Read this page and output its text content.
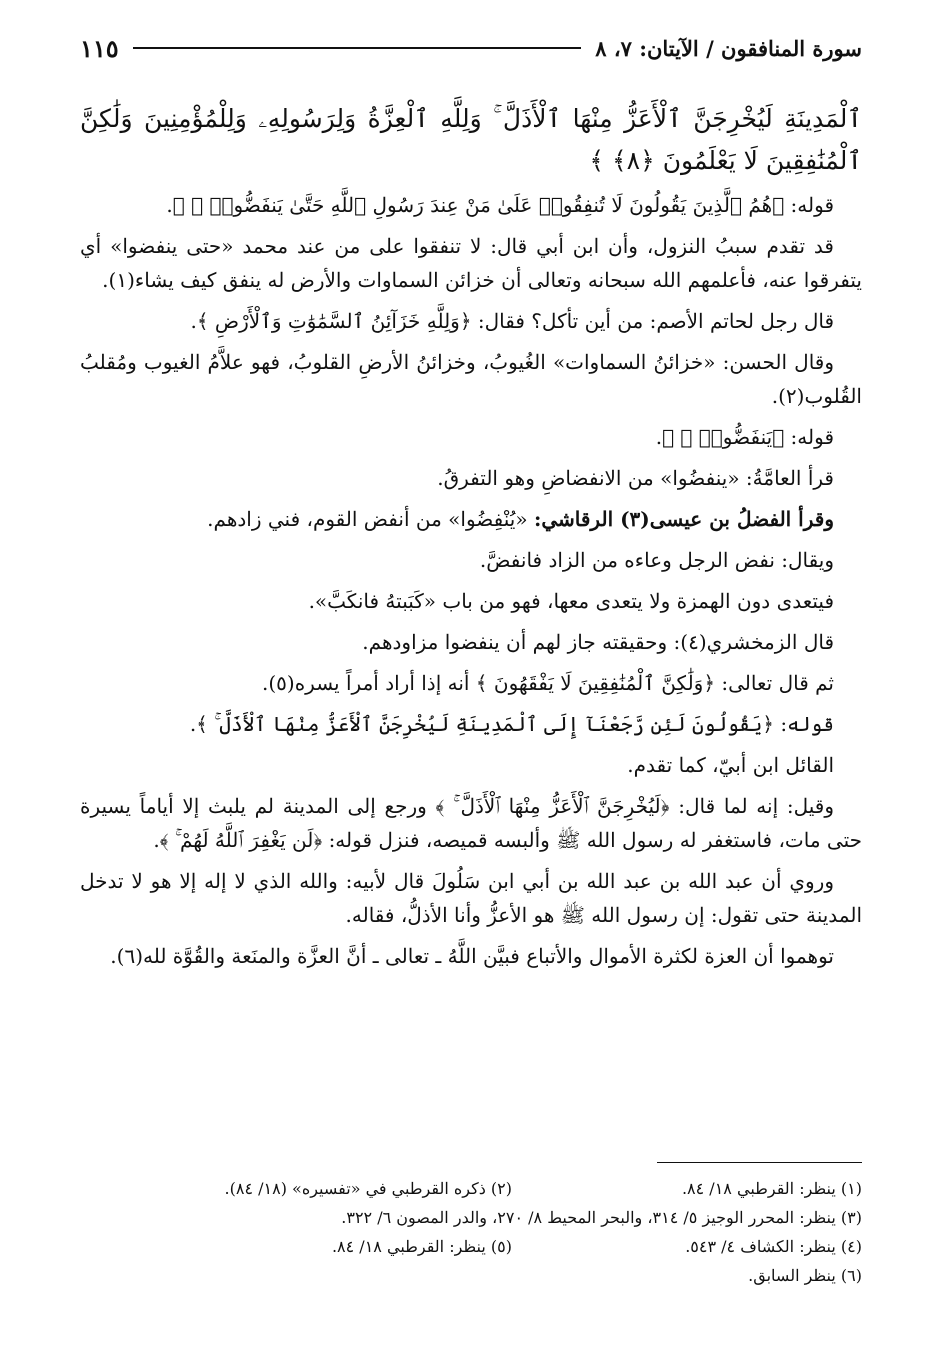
سورة المنافقون / الآيتان: ٧، ٨
١١٥

ٱلْمَدِينَةِ لَيُخْرِجَنَّ ٱلْأَعَزُّ مِنْهَا ٱلْأَذَلَّ ۚ وَلِلَّهِ ٱلْعِزَّةُ وَلِرَسُولِهِۦ وَلِلْمُؤْمِنِينَ وَلَٰكِنَّ ٱلْمُنَٰفِقِينَ لَا يَعْلَمُونَ ﴿٨﴾ ﴾

قوله: ﴿هُمُ ٱلَّذِينَ يَقُولُونَ لَا تُنفِقُوا۟ عَلَىٰ مَنْ عِندَ رَسُولِ ٱللَّهِ حَتَّىٰ يَنفَضُّوا۟ ۗ ﴾.

قد تقدم سببُ النزول، وأن ابن أبي قال: لا تنفقوا على من عند محمد «حتى ينفضوا» أي يتفرقوا عنه، فأعلمهم الله سبحانه وتعالى أن خزائن السماوات والأرض له ينفق كيف يشاء(١).

قال رجل لحاتم الأصم: من أين تأكل؟ فقال: ﴿وَلِلَّهِ خَزَآئِنُ ٱلسَّمَٰوَٰتِ وَٱلْأَرْضِ ﴾.

وقال الحسن: «خزائنُ السماوات» الغُيوبُ، وخزائنُ الأرضِ القلوبُ، فهو علاَّمُ الغيوب ومُقلبُ القُلوب(٢).

قوله: ﴿يَنفَضُّوا۟ ۗ ﴾.

قرأ العامَّةُ: «ينفضُوا» من الانفضاضِ وهو التفرقُ.

وقرأ الفضلُ بن عيسى(٣) الرقاشي: «يُنْفِضُوا» من أنفض القوم، فني زادهم.

ويقال: نفض الرجل وعاءه من الزاد فانفضَّ.

فيتعدى دون الهمزة ولا يتعدى معها، فهو من باب «كَبَبتهُ فانكَبَّ».

قال الزمخشري(٤): وحقيقته جاز لهم أن ينفضوا مزاودهم.

ثم قال تعالى: ﴿وَلَٰكِنَّ ٱلْمُنَٰفِقِينَ لَا يَفْقَهُونَ ﴾ أنه إذا أراد أمراً يسره(٥).

قوله: ﴿يَقُولُونَ لَئِن رَّجَعْنَآ إِلَى ٱلْمَدِينَةِ لَيُخْرِجَنَّ ٱلْأَعَزُّ مِنْهَا ٱلْأَذَلَّ ۚ ﴾.

القائل ابن أبيّ، كما تقدم.

وقيل: إنه لما قال: ﴿لَيُخْرِجَنَّ ٱلْأَعَزُّ مِنْهَا ٱلْأَذَلَّ ۚ ﴾ ورجع إلى المدينة لم يلبث إلا أياماً يسيرة حتى مات، فاستغفر له رسول الله ﷺ وألبسه قميصه، فنزل قوله: ﴿لَن يَغْفِرَ ٱللَّهُ لَهُمْ ۚ ﴾.

وروي أن عبد الله بن عبد الله بن أبي ابن سَلُولَ قال لأبيه: والله الذي لا إله إلا هو لا تدخل المدينة حتى تقول: إن رسول الله ﷺ هو الأعزُّ وأنا الأذلُّ، فقاله.

توهموا أن العزة لكثرة الأموال والأتباع فبيَّن اللَّهُ ـ تعالى ـ أنَّ العزَّة والمنَعة والقُوَّة لله(٦).

(١) ينظر: القرطبي ١٨/ ٨٤.
(٢) ذكره القرطبي في «تفسيره» (١٨/ ٨٤).
(٣) ينظر: المحرر الوجيز ٥/ ٣١٤، والبحر المحيط ٨/ ٢٧٠، والدر المصون ٦/ ٣٢٢.
(٤) ينظر: الكشاف ٤/ ٥٤٣.
(٥) ينظر: القرطبي ١٨/ ٨٤.
(٦) ينظر السابق.
